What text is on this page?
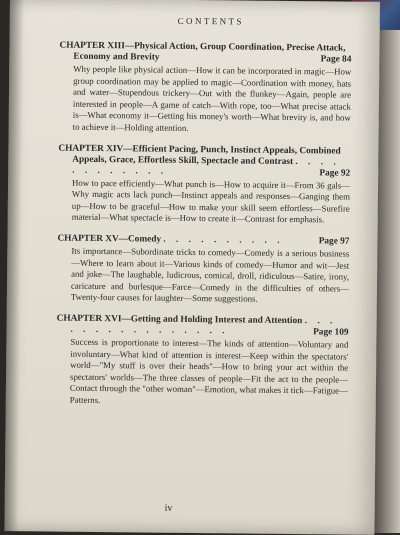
CONTENTS
CHAPTER XIII—Physical Action, Group Coordination, Precise Attack, Economy and Brevity	Page 84
Why people like physical action—How it can be incorporated in magic—How group coordination may be applied to magic—Coordination with money, hats and water—Stupendous trickery—Out with the flunkey—Again, people are interested in people—A game of catch—With rope, too—What precise attack is—What economy it—Getting his money's worth—What brevity is, and how to achieve it—Holding attention.
CHAPTER XIV—Efficient Pacing, Punch, Instinct Appeals, Combined Appeals, Grace, Effortless Skill, Spectacle and Contrast . . . . . . . . . . . .	Page 92
How to pace efficiently—What punch is—How to acquire it—From 36 gals—Why magic acts lack punch—Instinct appeals and responses—Ganging them up—How to be graceful—How to make your skill seem effortless—Surefire material—What spectacle is—How to create it—Contrast for emphasis.
CHAPTER XV—Comedy . . . . . . . . . .	Page 97
Its importance—Subordinate tricks to comedy—Comedy is a serious business—Where to learn about it—Various kinds of comedy—Humor and wit—Jest and joke—The laughable, ludicrous, comical, droll, ridiculous—Satire, irony, caricature and burlesque—Farce—Comedy in the difficulties of others—Twenty-four causes for laughter—Some suggestions.
CHAPTER XVI—Getting and Holding Interest and Attention . . . . . . . . . . . . . . . .	Page 109
Success is proportionate to interest—The kinds of attention—Voluntary and involuntary—What kind of attention is interest—Keep within the spectators' world—"My stuff is over their heads"—How to bring your act within the spectators' worlds—The three classes of people—Fit the act to the people—Contact through the "other woman"—Emotion, what makes it tick—Fatigue—Patterns.
iv
